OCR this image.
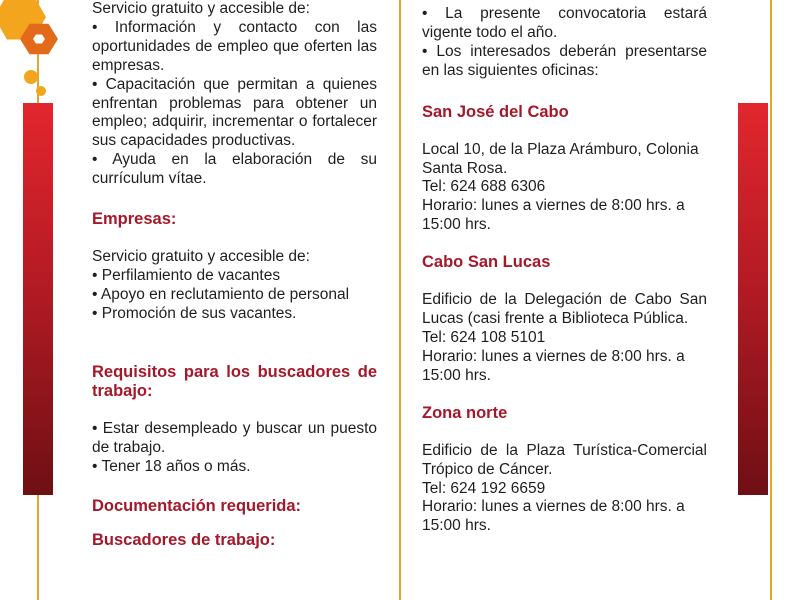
Servicio gratuito y accesible de:

• Información y contacto con las oportunidades de empleo que oferten las empresas.

• Capacitación que permitan a quienes enfrentan problemas para obtener un empleo; adquirir, incrementar o fortalecer sus capacidades productivas.

• Ayuda en la elaboración de su currículum vítae.

Empresas:

Servicio gratuito y accesible de:

• Perfilamiento de vacantes

• Apoyo en reclutamiento de personal

• Promoción de sus vacantes.

Requisitos para los buscadores de trabajo:

• Estar desempleado y buscar un puesto de trabajo.

• Tener 18 años o más.

Documentación requerida:

Buscadores de trabajo:

• La presente convocatoria estará vigente todo el año.

• Los interesados deberán presentarse en las siguientes oficinas:

San José del Cabo

Local 10, de la Plaza Arámburo, Colonia Santa Rosa.

Tel: 624 688 6306

Horario: lunes a viernes de 8:00 hrs. a 15:00 hrs.

Cabo San Lucas

Edificio de la Delegación de Cabo San Lucas (casi frente a Biblioteca Pública.

Tel: 624 108 5101

Horario: lunes a viernes de 8:00 hrs. a 15:00 hrs.

Zona norte

Edificio de la Plaza Turística-Comercial Trópico de Cáncer.

Tel: 624 192 6659

Horario: lunes a viernes de 8:00 hrs. a 15:00 hrs.
